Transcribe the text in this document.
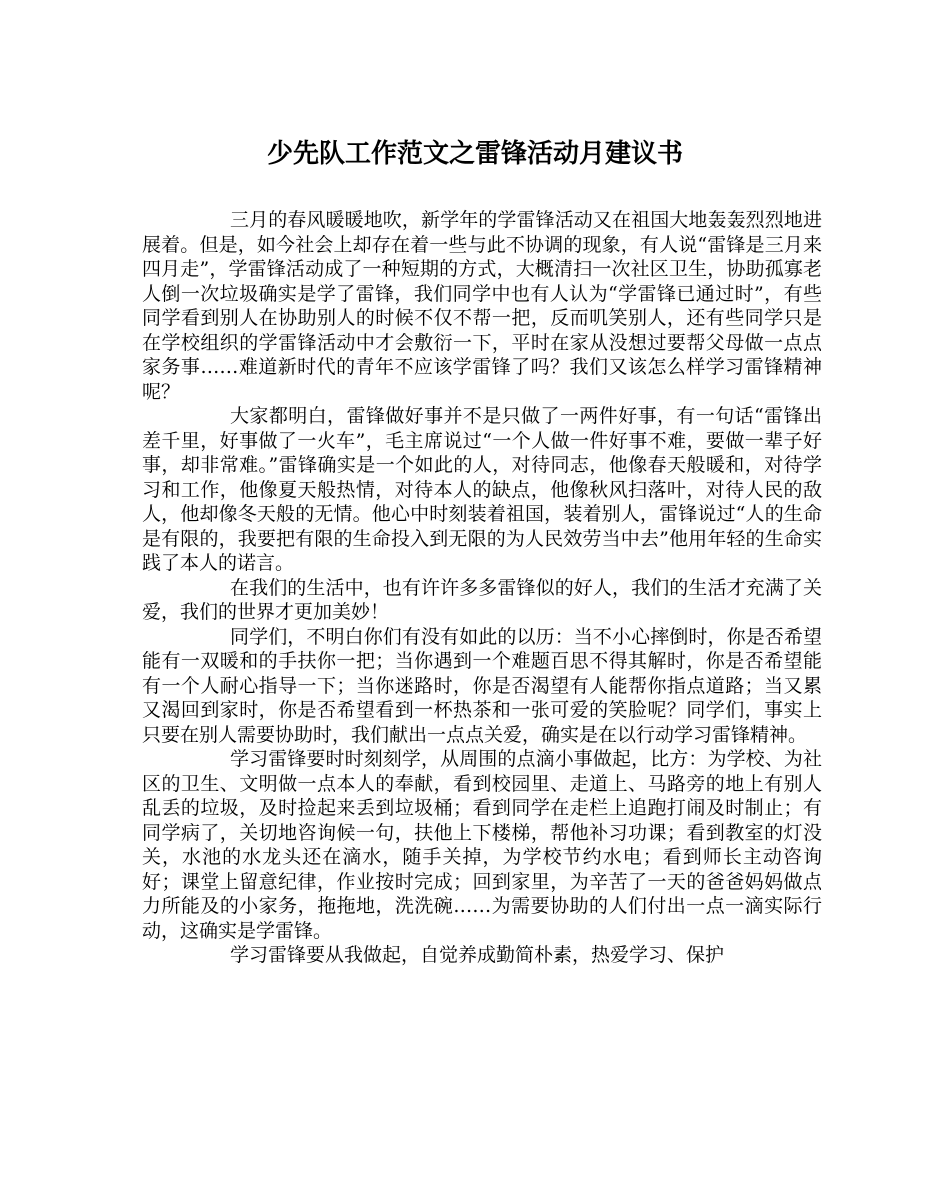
少先队工作范文之雷锋活动月建议书

三月的春风暖暖地吹，新学年的学雷锋活动又在祖国大地轰轰烈烈地进展着。但是，如今社会上却存在着一些与此不协调的现象，有人说“雷锋是三月来四月走”，学雷锋活动成了一种短期的方式，大概清扫一次社区卫生，协助孤寡老人倒一次垃圾确实是学了雷锋，我们同学中也有人认为“学雷锋已通过时”，有些同学看到别人在协助别人的时候不仅不帮一把，反而叽笑别人，还有些同学只是在学校组织的学雷锋活动中才会敷衍一下，平时在家从没想过要帮父母做一点点家务事……难道新时代的青年不应该学雷锋了吗？我们又该怎么样学习雷锋精神呢？

大家都明白，雷锋做好事并不是只做了一两件好事，有一句话“雷锋出差千里，好事做了一火车”，毛主席说过“一个人做一件好事不难，要做一辈子好事，却非常难。”雷锋确实是一个如此的人，对待同志，他像春天般暖和，对待学习和工作，他像夏天般热情，对待本人的缺点，他像秋风扫落叶，对待人民的敌人，他却像冬天般的无情。他心中时刻装着祖国，装着别人，雷锋说过“人的生命是有限的，我要把有限的生命投入到无限的为人民效劳当中去”他用年轻的生命实践了本人的诺言。

在我们的生活中，也有许许多多雷锋似的好人，我们的生活才充满了关爱，我们的世界才更加美妙！

同学们，不明白你们有没有如此的以历：当不小心摔倒时，你是否希望能有一双暖和的手扶你一把；当你遇到一个难题百思不得其解时，你是否希望能有一个人耐心指导一下；当你迷路时，你是否渴望有人能帮你指点道路；当又累又渴回到家时，你是否希望看到一杯热茶和一张可爱的笑脸呢？同学们，事实上只要在别人需要协助时，我们献出一点点关爱，确实是在以行动学习雷锋精神。

学习雷锋要时时刻刻学，从周围的点滴小事做起，比方：为学校、为社区的卫生、文明做一点本人的奉献，看到校园里、走道上、马路旁的地上有别人乱丢的垃圾，及时捡起来丢到垃圾桶；看到同学在走栏上追跑打闹及时制止；有同学病了，关切地咨询候一句，扶他上下楼梯，帮他补习功课；看到教室的灯没关，水池的水龙头还在滴水，随手关掉，为学校节约水电；看到师长主动咨询好；课堂上留意纪律，作业按时完成；回到家里，为辛苦了一天的爸爸妈妈做点力所能及的小家务，拖拖地，洗洗碗……为需要协助的人们付出一点一滴实际行动，这确实是学雷锋。

学习雷锋要从我做起，自觉养成勤简朴素，热爱学习、保护
